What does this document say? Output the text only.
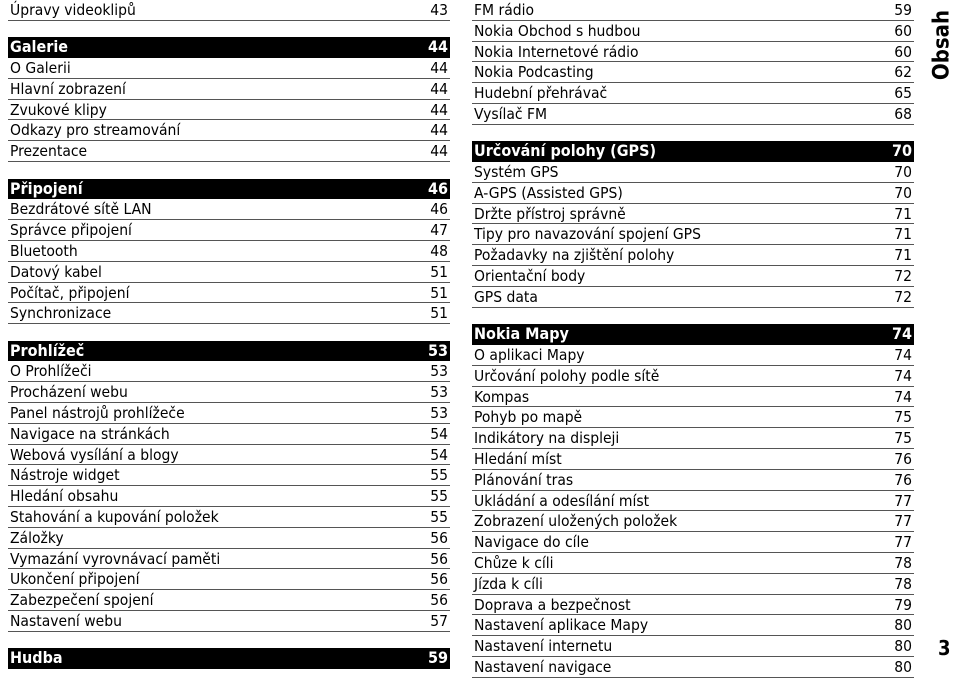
Úpravy videoklipů	43
Galerie	44
O Galerii	44
Hlavní zobrazení	44
Zvukové klipy	44
Odkazy pro streamování	44
Prezentace	44
Připojení	46
Bezdrátové sítě LAN	46
Správce připojení	47
Bluetooth	48
Datový kabel	51
Počítač, připojení	51
Synchronizace	51
Prohlížeč	53
O Prohlížeči	53
Procházení webu	53
Panel nástrojů prohlížeče	53
Navigace na stránkách	54
Webová vysílání a blogy	54
Nástroje widget	55
Hledání obsahu	55
Stahování a kupování položek	55
Záložky	56
Vymazání vyrovnávací paměti	56
Ukončení připojení	56
Zabezpečení spojení	56
Nastavení webu	57
Hudba	59
FM rádio	59
Nokia Obchod s hudbou	60
Nokia Internetové rádio	60
Nokia Podcasting	62
Hudební přehrávač	65
Vysílač FM	68
Určování polohy (GPS)	70
Systém GPS	70
A-GPS (Assisted GPS)	70
Držte přístroj správně	71
Tipy pro navazování spojení GPS	71
Požadavky na zjištění polohy	71
Orientační body	72
GPS data	72
Nokia Mapy	74
O aplikaci Mapy	74
Určování polohy podle sítě	74
Kompas	74
Pohyb po mapě	75
Indikátory na displeji	75
Hledání míst	76
Plánování tras	76
Ukládání a odesílání míst	77
Zobrazení uložených položek	77
Navigace do cíle	77
Chůze k cíli	78
Jízda k cíli	78
Doprava a bezpečnost	79
Nastavení aplikace Mapy	80
Nastavení internetu	80
Nastavení navigace	80
Obsah
3
